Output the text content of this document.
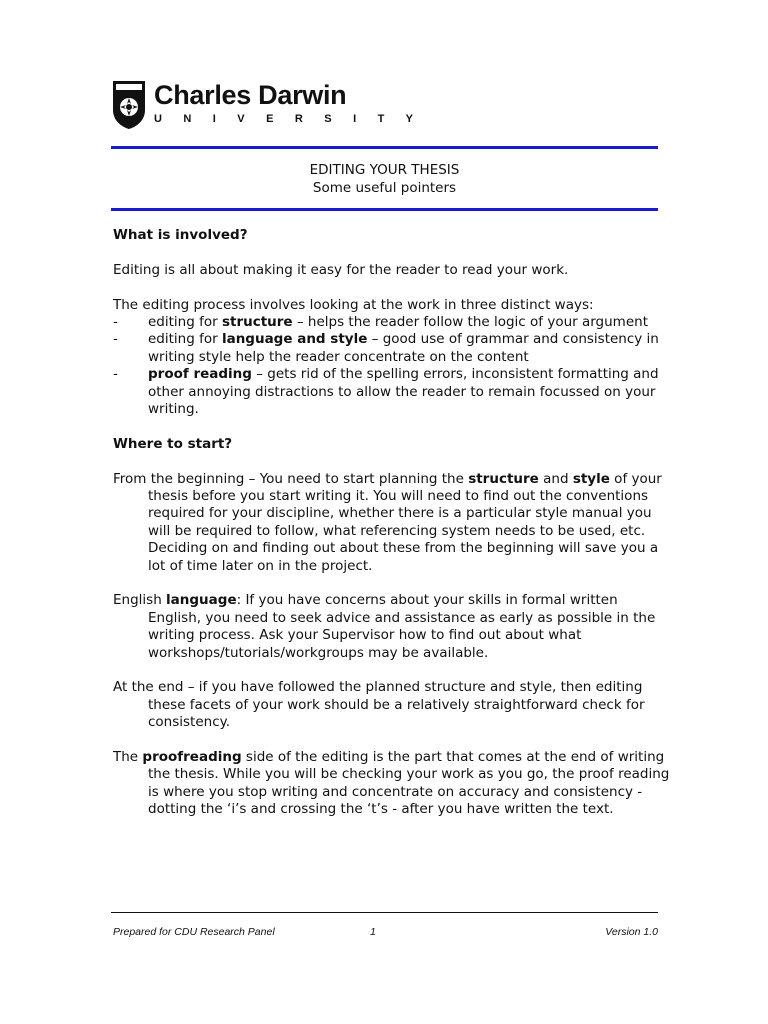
Charles Darwin
U N I V E R S I T Y
EDITING YOUR THESIS
Some useful pointers

What is involved?

Editing is all about making it easy for the reader to read your work.

The editing process involves looking at the work in three distinct ways:

-	editing for structure – helps the reader follow the logic of your argument
-	editing for language and style – good use of grammar and consistency in writing style help the reader concentrate on the content
-	proof reading – gets rid of the spelling errors, inconsistent formatting and other annoying distractions to allow the reader to remain focussed on your writing.

Where to start?

From the beginning – You need to start planning the structure and style of your thesis before you start writing it. You will need to find out the conventions required for your discipline, whether there is a particular style manual you will be required to follow, what referencing system needs to be used, etc. Deciding on and finding out about these from the beginning will save you a lot of time later on in the project.

English language: If you have concerns about your skills in formal written English, you need to seek advice and assistance as early as possible in the writing process. Ask your Supervisor how to find out about what workshops/tutorials/workgroups may be available.

At the end – if you have followed the planned structure and style, then editing these facets of your work should be a relatively straightforward check for consistency.

The proofreading side of the editing is the part that comes at the end of writing the thesis. While you will be checking your work as you go, the proof reading is where you stop writing and concentrate on accuracy and consistency - dotting the ‘i’s and crossing the ‘t’s - after you have written the text.

Prepared for CDU Research Panel	1	Version 1.0
